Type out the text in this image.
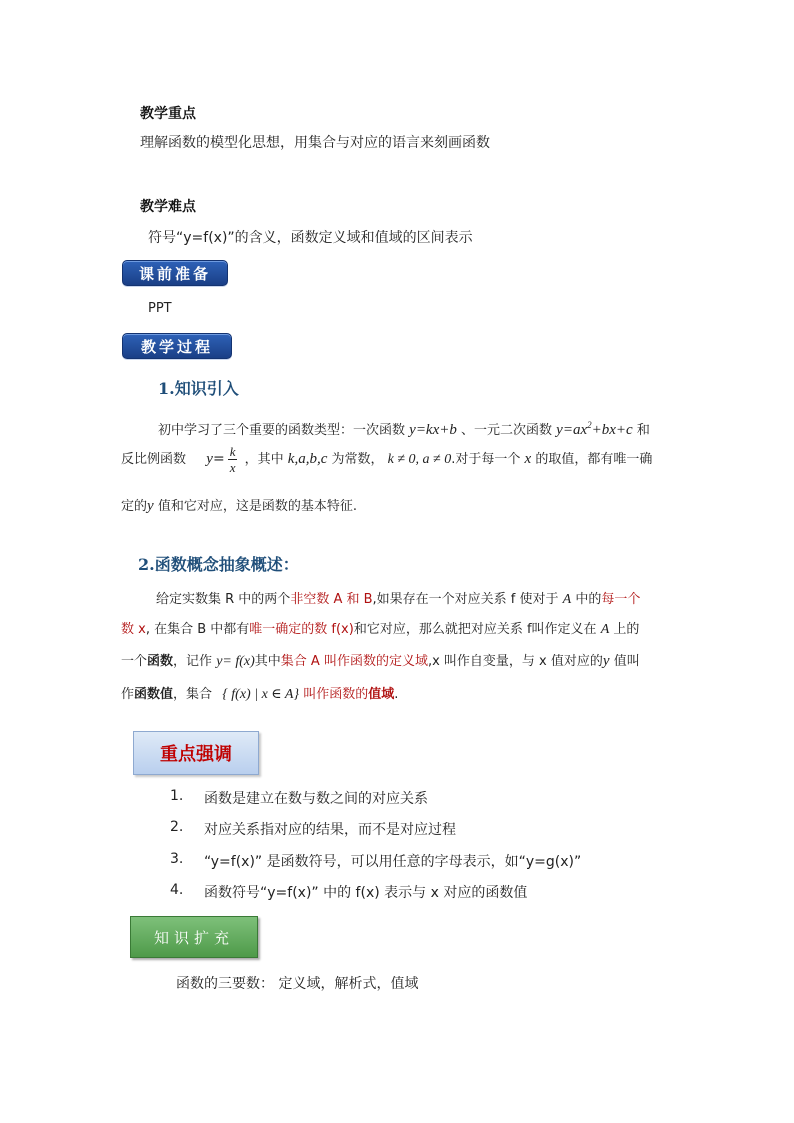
教学重点
理解函数的模型化思想，用集合与对应的语言来刻画函数
教学难点
符号“y=f(x)”的含义，函数定义域和值域的区间表示
课前准备
PPT
教学过程
1.知识引入
初中学习了三个重要的函数类型：一次函数 y=kx+b 、一元二次函数 $y=ax^2+bx+c$ 和
反比例函数 $y= \frac{k}{x}$ ，其中 k,a,b,c 为常数， k ≠ 0, a ≠ 0.对于每一个 x 的取值，都有唯一确
定的y 值和它对应，这是函数的基本特征.
2.函数概念抽象概述：
给定实数集 R 中的两个非空数 A 和 B,如果存在一个对应关系 f 使对于 A 中的每一个
数 x, 在集合 B 中都有唯一确定的数 f(x)和它对应，那么就把对应关系 f叫作定义在 A 上的
一个函数，记作 y= f(x)其中集合 A 叫作函数的定义域,x 叫作自变量，与 x 值对应的y 值叫
作函数值，集合 { f(x) | x ∈ A} 叫作函数的值域.
重点强调
1. 函数是建立在数与数之间的对应关系
2. 对应关系指对应的结果，而不是对应过程
3. “y=f(x)” 是函数符号，可以用任意的字母表示，如“y=g(x)”
4. 函数符号“y=f(x)” 中的 f(x) 表示与 x 对应的函数值
知识扩充
函数的三要数： 定义域，解析式，值域
